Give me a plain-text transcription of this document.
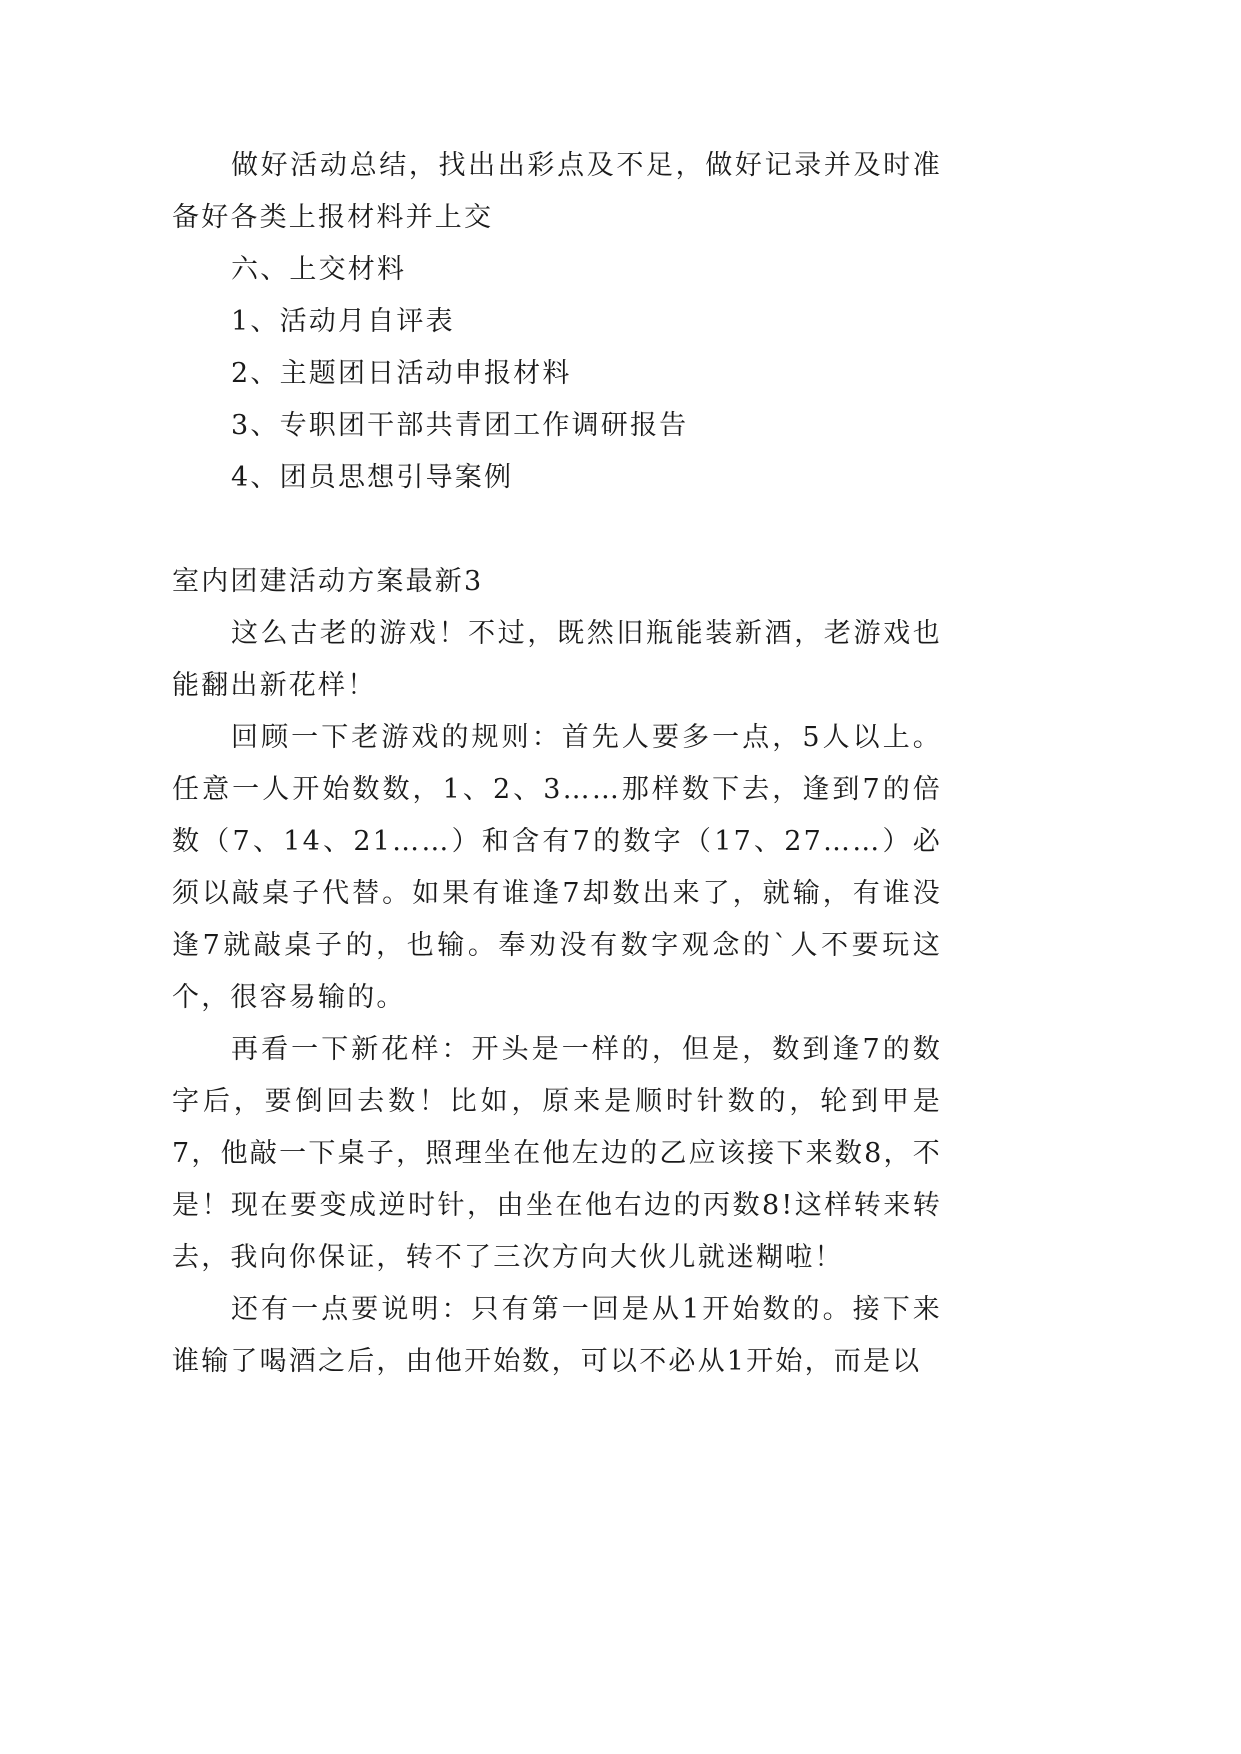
做好活动总结，找出出彩点及不足，做好记录并及时准备好各类上报材料并上交

六、上交材料

1、活动月自评表

2、主题团日活动申报材料

3、专职团干部共青团工作调研报告

4、团员思想引导案例

室内团建活动方案最新3

这么古老的游戏！不过，既然旧瓶能装新酒，老游戏也能翻出新花样！

回顾一下老游戏的规则：首先人要多一点，5人以上。任意一人开始数数，1、2、3……那样数下去，逢到7的倍数（7、14、21……）和含有7的数字（17、27……）必须以敲桌子代替。如果有谁逢7却数出来了，就输，有谁没逢7就敲桌子的，也输。奉劝没有数字观念的`人不要玩这个，很容易输的。

再看一下新花样：开头是一样的，但是，数到逢7的数字后，要倒回去数！比如，原来是顺时针数的，轮到甲是7，他敲一下桌子，照理坐在他左边的乙应该接下来数8，不是！现在要变成逆时针，由坐在他右边的丙数8!这样转来转去，我向你保证，转不了三次方向大伙儿就迷糊啦！

还有一点要说明：只有第一回是从1开始数的。接下来谁输了喝酒之后，由他开始数，可以不必从1开始，而是以
